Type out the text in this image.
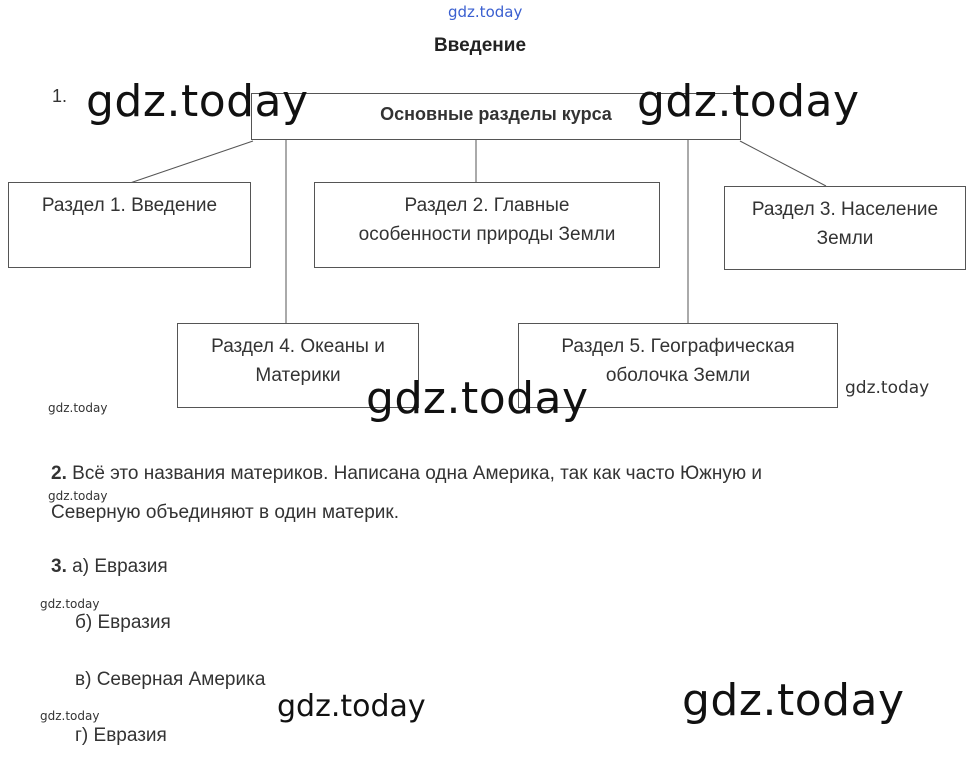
gdz.today
Введение
1.
Основные разделы курса
Раздел 1. Введение	Раздел 2. Главные особенности природы Земли
Раздел 3. Население Земли
Раздел 4. Океаны и Материки
Раздел 5. Географическая оболочка Земли
2. Всё это названия материков. Написана одна Америка, так как часто Южную и
Северную объединяют в один материк.
3. а) Евразия
б) Евразия
в) Северная Америка
г) Евразия
gdz.today	gdz.today
gdz.today	gdz.today
gdz.today
gdz.today
gdz.today
gdz.today	gdz.today	gdz.today
